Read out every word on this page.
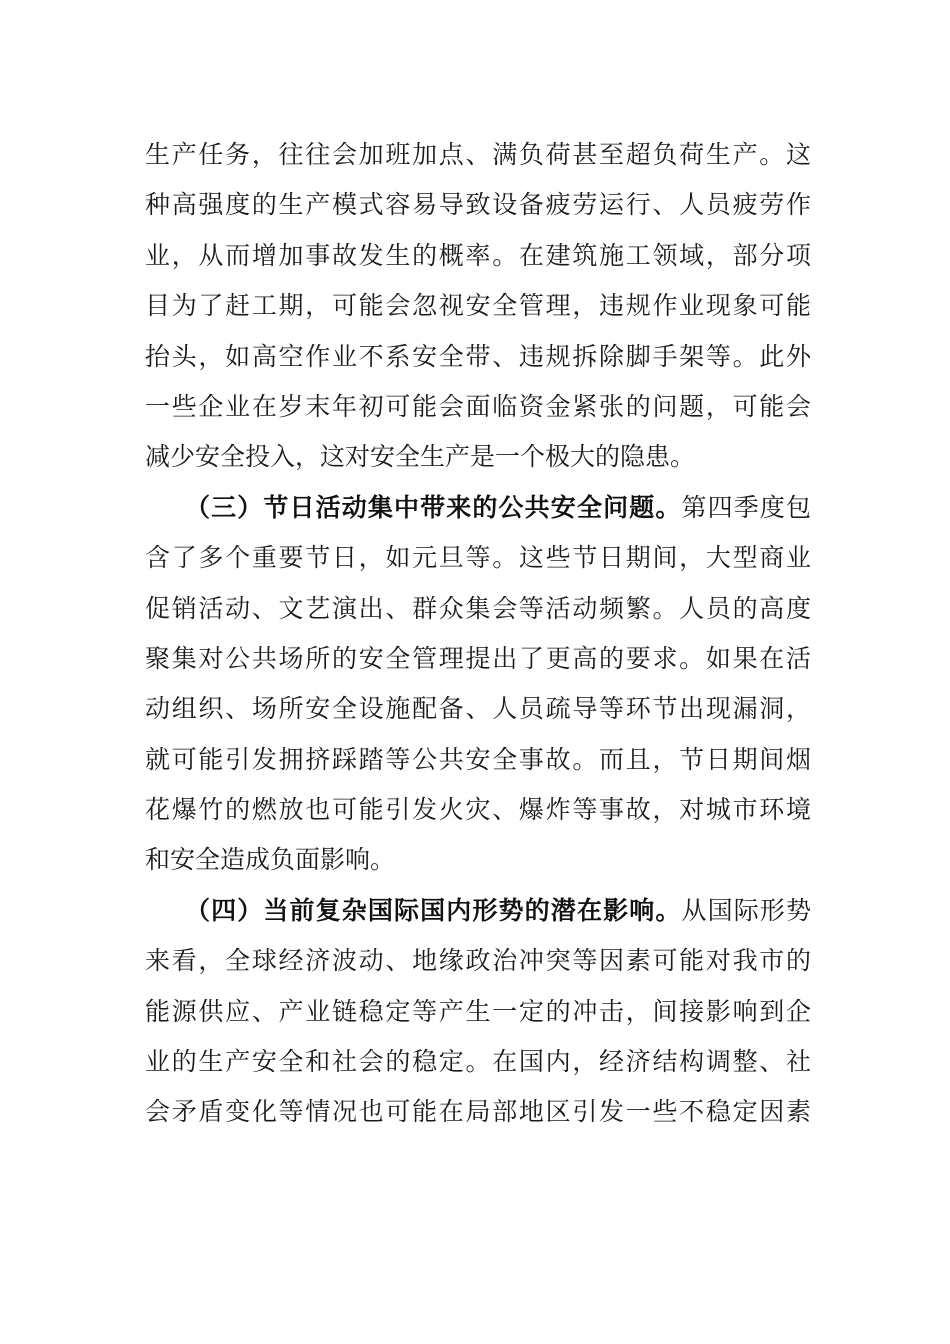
生产任务，往往会加班加点、满负荷甚至超负荷生产。这
种高强度的生产模式容易导致设备疲劳运行、人员疲劳作
业，从而增加事故发生的概率。在建筑施工领域，部分项
目为了赶工期，可能会忽视安全管理，违规作业现象可能
抬头，如高空作业不系安全带、违规拆除脚手架等。此外
一些企业在岁末年初可能会面临资金紧张的问题，可能会
减少安全投入，这对安全生产是一个极大的隐患。
（三）节日活动集中带来的公共安全问题。第四季度包
含了多个重要节日，如元旦等。这些节日期间，大型商业
促销活动、文艺演出、群众集会等活动频繁。人员的高度
聚集对公共场所的安全管理提出了更高的要求。如果在活
动组织、场所安全设施配备、人员疏导等环节出现漏洞，
就可能引发拥挤踩踏等公共安全事故。而且，节日期间烟
花爆竹的燃放也可能引发火灾、爆炸等事故，对城市环境
和安全造成负面影响。
（四）当前复杂国际国内形势的潜在影响。从国际形势
来看，全球经济波动、地缘政治冲突等因素可能对我市的
能源供应、产业链稳定等产生一定的冲击，间接影响到企
业的生产安全和社会的稳定。在国内，经济结构调整、社
会矛盾变化等情况也可能在局部地区引发一些不稳定因素
